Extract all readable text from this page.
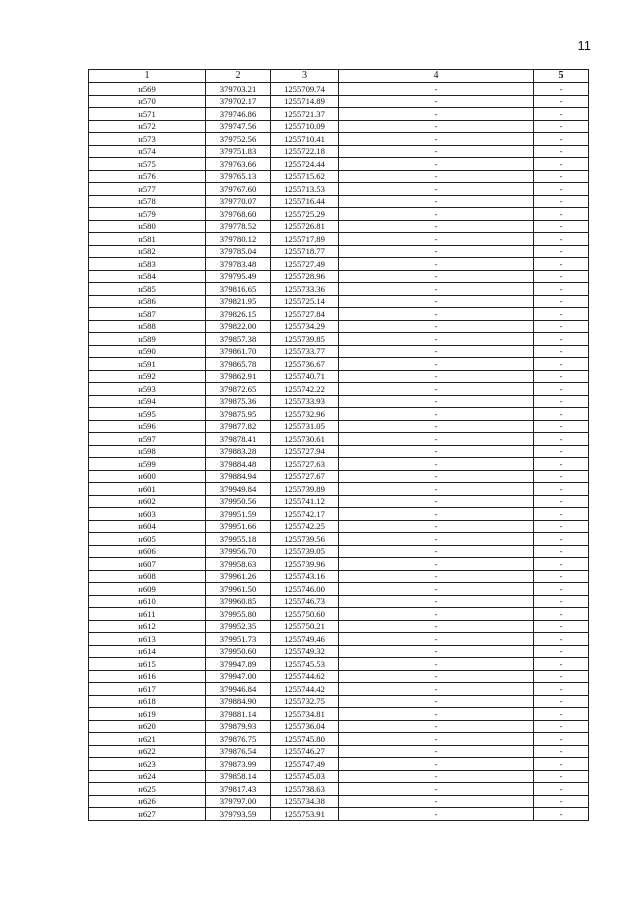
11
1	2	3	4	5
н569	379703.21	1255709.74	-	-
н570	379702.17	1255714.89	-	-
н571	379746.86	1255721.37	-	-
н572	379747.56	1255710.09	-	-
н573	379752.56	1255710.41	-	-
н574	379751.83	1255722.18	-	-
н575	379763.66	1255724.44	-	-
н576	379765.13	1255715.62	-	-
н577	379767.60	1255713.53	-	-
н578	379770.07	1255716.44	-	-
н579	379768.60	1255725.29	-	-
н580	379778.52	1255726.81	-	-
н581	379780.12	1255717.89	-	-
н582	379785.04	1255718.77	-	-
н583	379783.48	1255727.49	-	-
н584	379795.49	1255728.96	-	-
н585	379816.65	1255733.36	-	-
н586	379821.95	1255725.14	-	-
н587	379826.15	1255727.84	-	-
н588	379822.00	1255734.29	-	-
н589	379857.38	1255739.85	-	-
н590	379861.70	1255733.77	-	-
н591	379865.78	1255736.67	-	-
н592	379862.91	1255740.71	-	-
н593	379872.65	1255742.22	-	-
н594	379875.36	1255733.93	-	-
н595	379875.95	1255732.96	-	-
н596	379877.82	1255731.05	-	-
н597	379878.41	1255730.61	-	-
н598	379883.28	1255727.94	-	-
н599	379884.48	1255727.63	-	-
н600	379884.94	1255727.67	-	-
н601	379949.84	1255739.89	-	-
н602	379950.56	1255741.12	-	-
н603	379951.59	1255742.17	-	-
н604	379951.66	1255742.25	-	-
н605	379955.18	1255739.56	-	-
н606	379956.70	1255739.05	-	-
н607	379958.63	1255739.96	-	-
н608	379961.26	1255743.16	-	-
н609	379961.50	1255746.00	-	-
н610	379960.85	1255746.73	-	-
н611	379955.80	1255750.60	-	-
н612	379952.35	1255750.21	-	-
н613	379951.73	1255749.46	-	-
н614	379950.60	1255749.32	-	-
н615	379947.89	1255745.53	-	-
н616	379947.00	1255744.62	-	-
н617	379946.84	1255744.42	-	-
н618	379884.90	1255732.75	-	-
н619	379881.14	1255734.81	-	-
н620	379879.93	1255736.04	-	-
н621	379876.75	1255745.80	-	-
н622	379876.54	1255746.27	-	-
н623	379873.99	1255747.49	-	-
н624	379858.14	1255745.03	-	-
н625	379817.43	1255738.63	-	-
н626	379797.00	1255734.38	-	-
н627	379793.59	1255753.91	-	-
